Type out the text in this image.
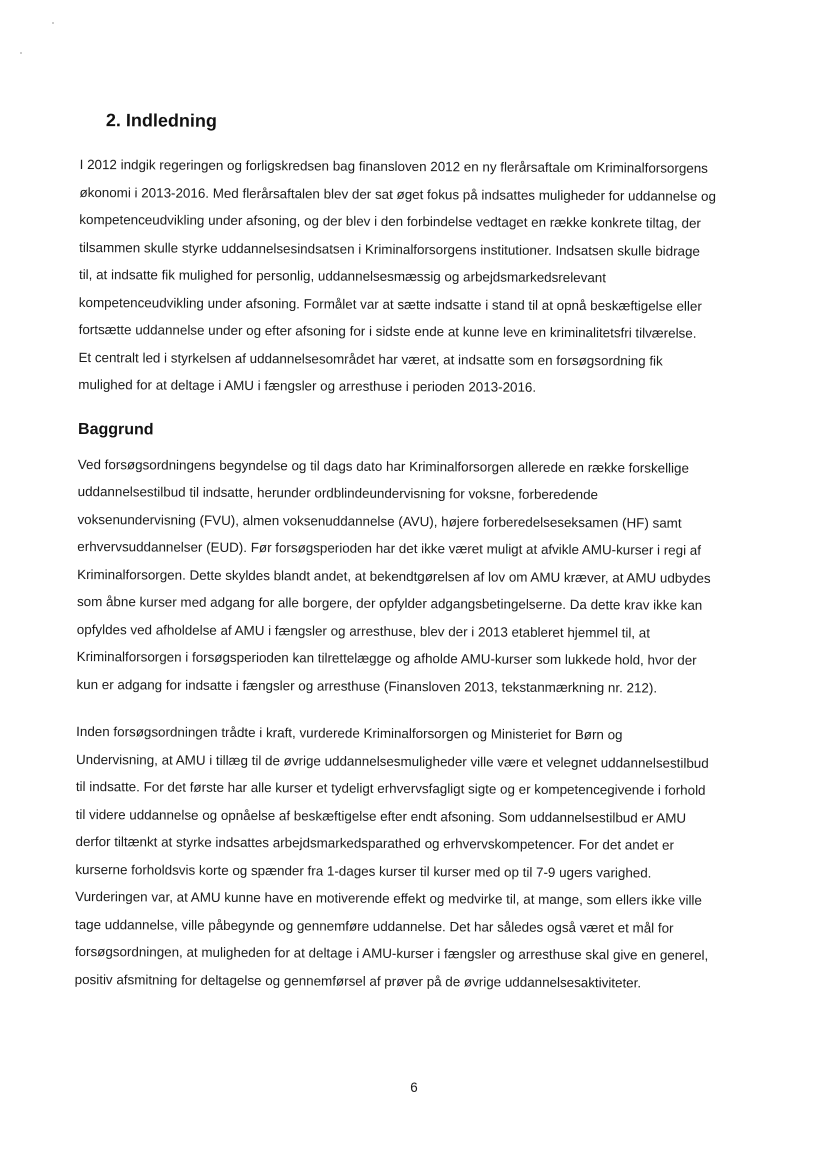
2. Indledning

I 2012 indgik regeringen og forligskredsen bag finansloven 2012 en ny flerårsaftale om Kriminalforsorgens
økonomi i 2013-2016. Med flerårsaftalen blev der sat øget fokus på indsattes muligheder for uddannelse og
kompetenceudvikling under afsoning, og der blev i den forbindelse vedtaget en række konkrete tiltag, der
tilsammen skulle styrke uddannelsesindsatsen i Kriminalforsorgens institutioner. Indsatsen skulle bidrage
til, at indsatte fik mulighed for personlig, uddannelsesmæssig og arbejdsmarkedsrelevant
kompetenceudvikling under afsoning. Formålet var at sætte indsatte i stand til at opnå beskæftigelse eller
fortsætte uddannelse under og efter afsoning for i sidste ende at kunne leve en kriminalitetsfri tilværelse.
Et centralt led i styrkelsen af uddannelsesområdet har været, at indsatte som en forsøgsordning fik
mulighed for at deltage i AMU i fængsler og arresthuse i perioden 2013-2016.

Baggrund

Ved forsøgsordningens begyndelse og til dags dato har Kriminalforsorgen allerede en række forskellige
uddannelsestilbud til indsatte, herunder ordblindeundervisning for voksne, forberedende
voksenundervisning (FVU), almen voksenuddannelse (AVU), højere forberedelseseksamen (HF) samt
erhvervsuddannelser (EUD). Før forsøgsperioden har det ikke været muligt at afvikle AMU-kurser i regi af
Kriminalforsorgen. Dette skyldes blandt andet, at bekendtgørelsen af lov om AMU kræver, at AMU udbydes
som åbne kurser med adgang for alle borgere, der opfylder adgangsbetingelserne. Da dette krav ikke kan
opfyldes ved afholdelse af AMU i fængsler og arresthuse, blev der i 2013 etableret hjemmel til, at
Kriminalforsorgen i forsøgsperioden kan tilrettelægge og afholde AMU-kurser som lukkede hold, hvor der
kun er adgang for indsatte i fængsler og arresthuse (Finansloven 2013, tekstanmærkning nr. 212).

Inden forsøgsordningen trådte i kraft, vurderede Kriminalforsorgen og Ministeriet for Børn og
Undervisning, at AMU i tillæg til de øvrige uddannelsesmuligheder ville være et velegnet uddannelsestilbud
til indsatte. For det første har alle kurser et tydeligt erhvervsfagligt sigte og er kompetencegivende i forhold
til videre uddannelse og opnåelse af beskæftigelse efter endt afsoning. Som uddannelsestilbud er AMU
derfor tiltænkt at styrke indsattes arbejdsmarkedsparathed og erhvervskompetencer. For det andet er
kurserne forholdsvis korte og spænder fra 1-dages kurser til kurser med op til 7-9 ugers varighed.
Vurderingen var, at AMU kunne have en motiverende effekt og medvirke til, at mange, som ellers ikke ville
tage uddannelse, ville påbegynde og gennemføre uddannelse. Det har således også været et mål for
forsøgsordningen, at muligheden for at deltage i AMU-kurser i fængsler og arresthuse skal give en generel,
positiv afsmitning for deltagelse og gennemførsel af prøver på de øvrige uddannelsesaktiviteter.

6
